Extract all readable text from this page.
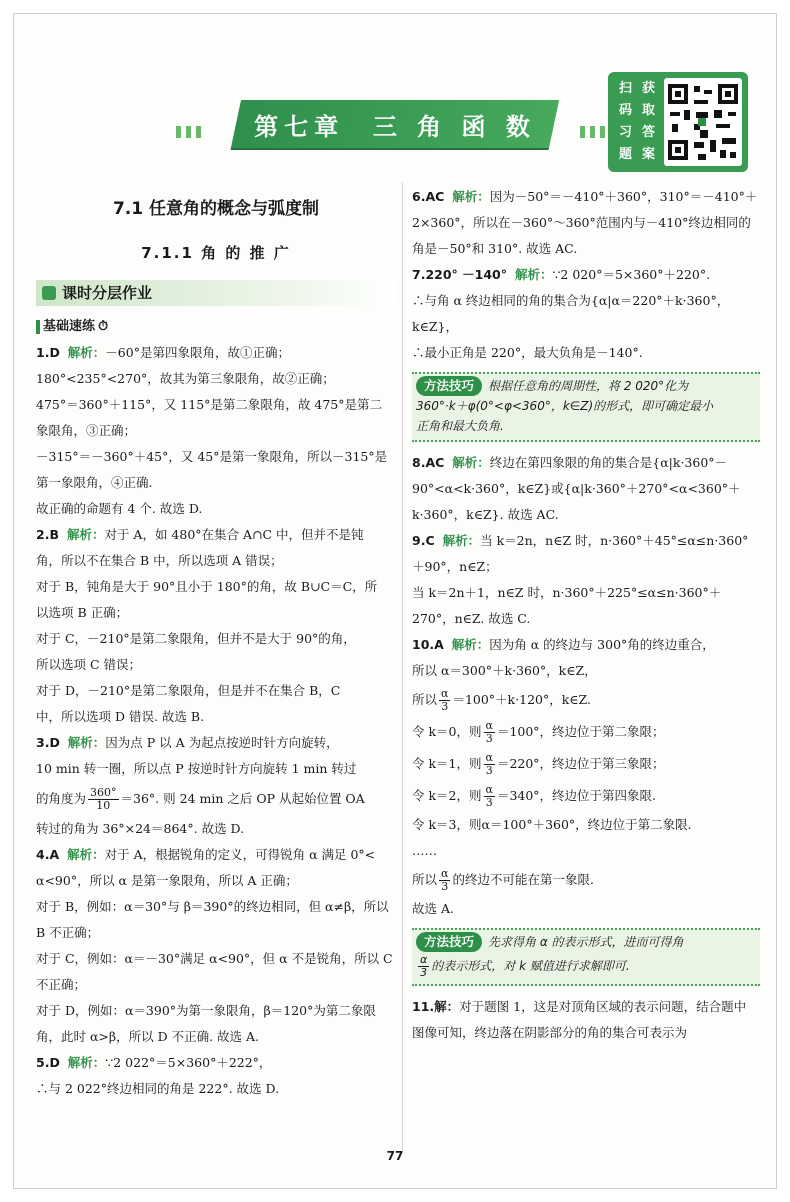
第七章  三 角 函 数
扫
码
习
题
获
取
答
案
7.1 任意角的概念与弧度制
7.1.1 角 的 推 广
课时分层作业
基础速练 ⏱
1.D 解析：－60°是第四象限角，故①正确；
180°<235°<270°，故其为第三象限角，故②正确；
475°＝360°＋115°，又 115°是第二象限角，故 475°是第二
象限角，③正确；
－315°＝－360°＋45°，又 45°是第一象限角，所以－315°是
第一象限角，④正确.
故正确的命题有 4 个. 故选 D.
2.B 解析：对于 A，如 480°在集合 A∩C 中，但并不是钝
角，所以不在集合 B 中，所以选项 A 错误；
对于 B，钝角是大于 90°且小于 180°的角，故 B∪C＝C，所
以选项 B 正确；
对于 C，－210°是第二象限角，但并不是大于 90°的角，
所以选项 C 错误；
对于 D，－210°是第二象限角，但是并不在集合 B，C
中，所以选项 D 错误. 故选 B.
3.D 解析：因为点 P 以 A 为起点按逆时针方向旋转，
10 min 转一圈，所以点 P 按逆时针方向旋转 1 min 转过
的角度为 $\frac{360^\circ}{10} =36^\circ$. 则 24 min 之后 OP 从起始位置 OA
转过的角为 36°×24＝864°. 故选 D.
4.A 解析：对于 A，根据锐角的定义，可得锐角 α 满足 0°<
α<90°，所以 α 是第一象限角，所以 A 正确；
对于 B，例如：α＝30°与 β＝390°的终边相同，但 α≠β，所以
B 不正确；
对于 C，例如：α＝－30°满足 α<90°，但 α 不是锐角，所以 C
不正确；
对于 D，例如：α＝390°为第一象限角，β＝120°为第二象限
角，此时 α>β，所以 D 不正确. 故选 A.
5.D 解析：∵2 022°＝5×360°＋222°，
∴与 2 022°终边相同的角是 222°. 故选 D.
6.AC 解析：因为－50°＝－410°＋360°，310°＝－410°＋
2×360°，所以在－360°～360°范围内与－410°终边相同的
角是－50°和 310°. 故选 AC.
7.220° －140° 解析：∵2 020°＝5×360°＋220°.
∴与角 α 终边相同的角的集合为{α|α＝220°＋k·360°，
k∈Z}，
∴最小正角是 220°，最大负角是－140°.
方法技巧 根据任意角的周期性，将 2 020°化为
360°·k＋φ(0°<φ<360°，k∈Z)的形式，即可确定最小
正角和最大负角.
8.AC 解析：终边在第四象限的角的集合是{α|k·360°－
90°<α<k·360°，k∈Z}或{α|k·360°＋270°<α<360°＋
k·360°，k∈Z}. 故选 AC.
9.C 解析：当 k＝2n，n∈Z 时，n·360°＋45°≤α≤n·360°
＋90°，n∈Z；
当 k＝2n＋1，n∈Z 时，n·360°＋225°≤α≤n·360°＋
270°，n∈Z. 故选 C.
10.A 解析：因为角 α 的终边与 300°角的终边重合，
所以 α＝300°＋k·360°，k∈Z，
所以 $\frac{\alpha}{3} =100^\circ+k\cdot 120^\circ$，k∈Z.
令 k＝0，则 $\frac{\alpha}{3} =100^\circ$，终边位于第二象限；
令 k＝1，则 $\frac{\alpha}{3} =220^\circ$，终边位于第三象限；
令 k＝2，则 $\frac{\alpha}{3} =340^\circ$，终边位于第四象限.
令 k＝3，则α＝100°＋360°，终边位于第二象限.
……
所以 $\frac{\alpha}{3}$ 的终边不可能在第一象限.
故选 A.
方法技巧 先求得角 α 的表示形式，进而可得角
$\frac{\alpha}{3}$ 的表示形式，对 k 赋值进行求解即可.
11.解：对于题图 1，这是对顶角区域的表示问题，结合题中
图像可知，终边落在阴影部分的角的集合可表示为
77
